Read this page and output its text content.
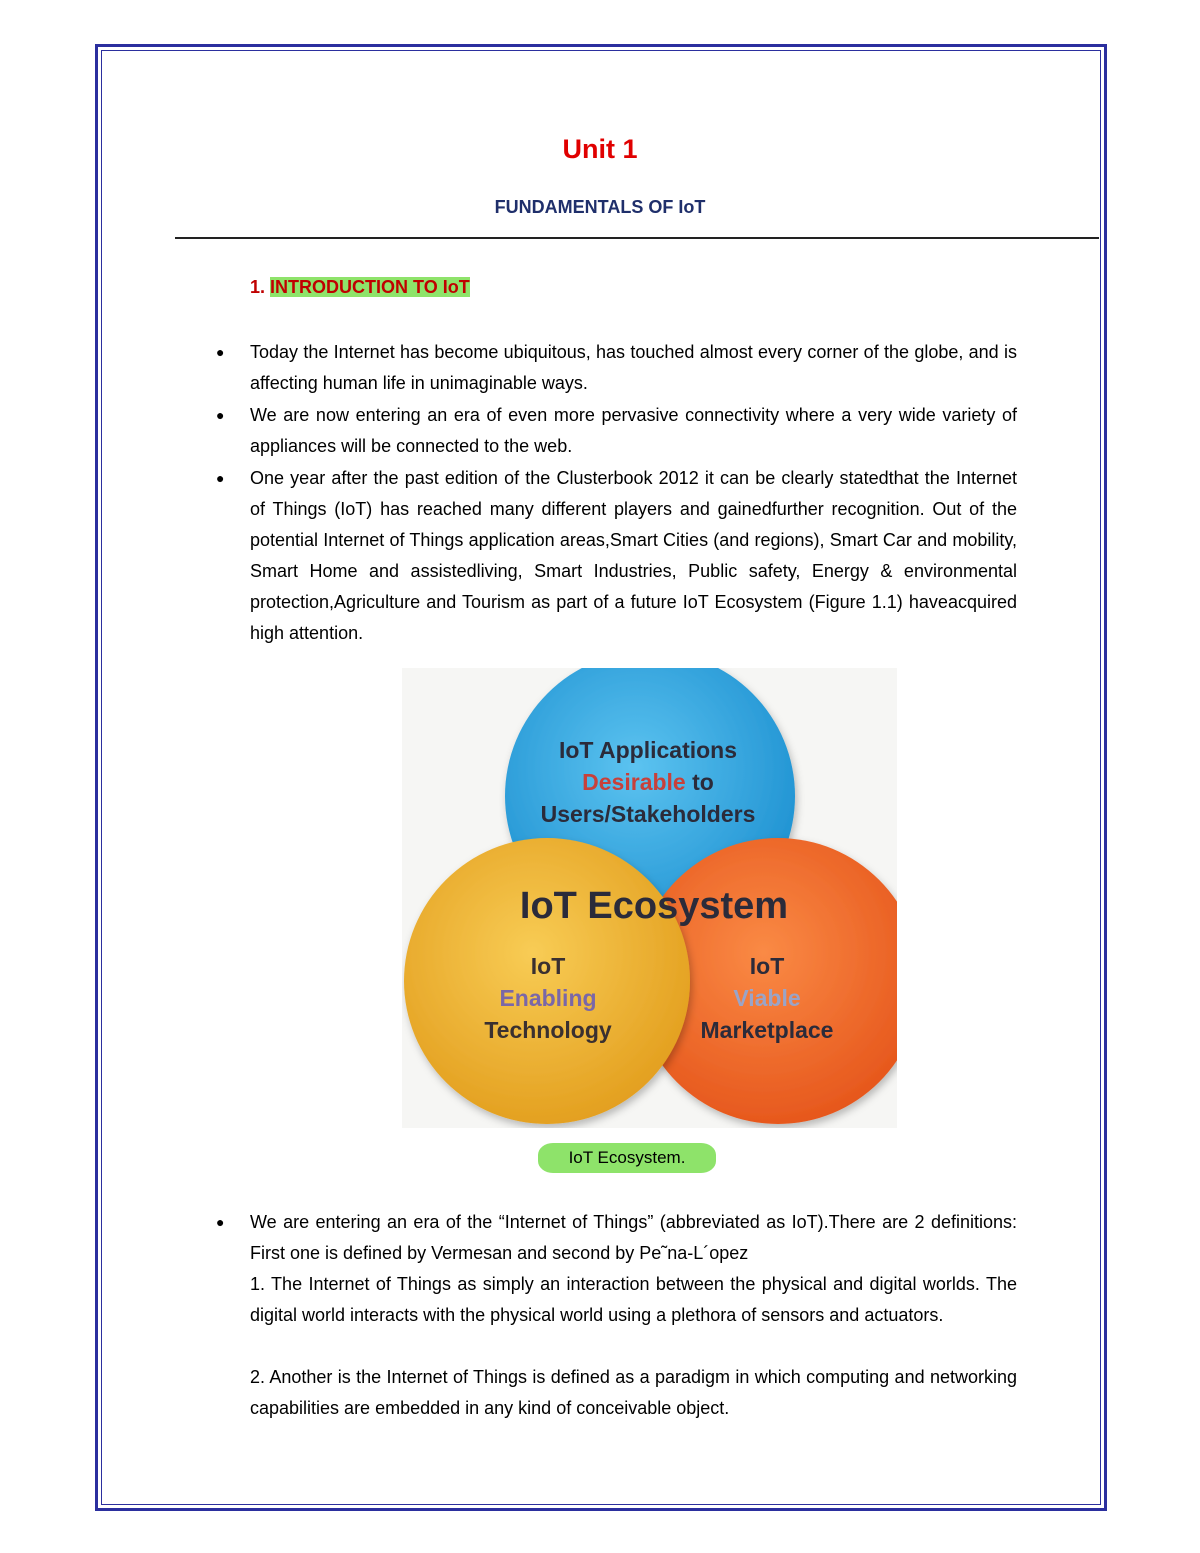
Unit 1
FUNDAMENTALS OF IoT
1. INTRODUCTION TO IoT
● Today the Internet has become ubiquitous, has touched almost every corner of the globe, and is affecting human life in unimaginable ways.

● We are now entering an era of even more pervasive connectivity where a very wide variety of appliances will be connected to the web.

● One year after the past edition of the Clusterbook 2012 it can be clearly statedthat the Internet of Things (IoT) has reached many different players and gainedfurther recognition. Out of the potential Internet of Things application areas,Smart Cities (and regions), Smart Car and mobility, Smart Home and assistedliving, Smart Industries, Public safety, Energy & environmental protection,Agriculture and Tourism as part of a future IoT Ecosystem (Figure 1.1) haveacquired high attention.

IoT Applications
Desirable to
Users/Stakeholders
IoT Ecosystem
IoT
Enabling
Technology
IoT
Viable
Marketplace
IoT Ecosystem.
● We are entering an era of the “Internet of Things” (abbreviated as IoT).There are 2 definitions: First one is defined by Vermesan and second by Pe˜na-L´opez

1. The Internet of Things as simply an interaction between the physical and digital worlds. The digital world interacts with the physical world using a plethora of sensors and actuators.

2. Another is the Internet of Things is defined as a paradigm in which computing and networking capabilities are embedded in any kind of conceivable object.
